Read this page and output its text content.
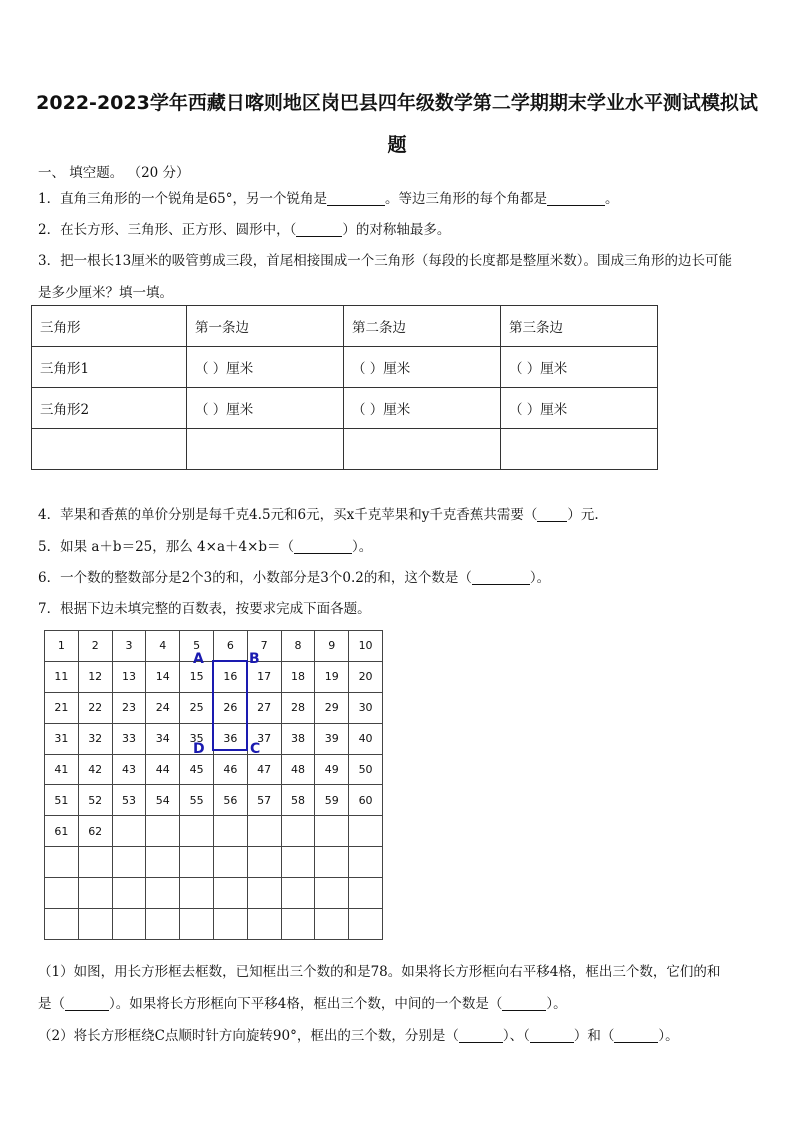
2022-2023学年西藏日喀则地区岗巴县四年级数学第二学期期末学业水平测试模拟试
题
一、 填空题。 （20 分）
1．直角三角形的一个锐角是65°，另一个锐角是	。等边三角形的每个角都是	。
2．在长方形、三角形、正方形、圆形中，（	）的对称轴最多。
3．把一根长13厘米的吸管剪成三段，首尾相接围成一个三角形（每段的长度都是整厘米数）。围成三角形的边长可能
是多少厘米？填一填。
三角形	第一条边	第二条边	第三条边
三角形1	（ ）厘米	（ ）厘米	（ ）厘米
三角形2	（ ）厘米	（ ）厘米	（ ）厘米

4．苹果和香蕉的单价分别是每千克4.5元和6元，买x千克苹果和y千克香蕉共需要（ ）元.
5．如果 a＋b＝25，那么 4×a＋4×b＝（	）。
6．一个数的整数部分是2个3的和，小数部分是3个0.2的和，这个数是（	）。
7．根据下边未填完整的百数表，按要求完成下面各题。
1	2	3	4	5	6	7	8	9	10
11	12	13	14	15	16	17	18	19	20
21	22	23	24	25	26	27	28	29	30
31	32	33	34	35	36	37	38	39	40
41	42	43	44	45	46	47	48	49	50
51	52	53	54	55	56	57	58	59	60
61	62								

A	B
C
D
（1）如图，用长方形框去框数，已知框出三个数的和是78。如果将长方形框向右平移4格，框出三个数，它们的和
是（	）。如果将长方形框向下平移4格，框出三个数，中间的一个数是（	）。
（2）将长方形框绕C点顺时针方向旋转90°，框出的三个数，分别是（	）、（	）和（	）。
